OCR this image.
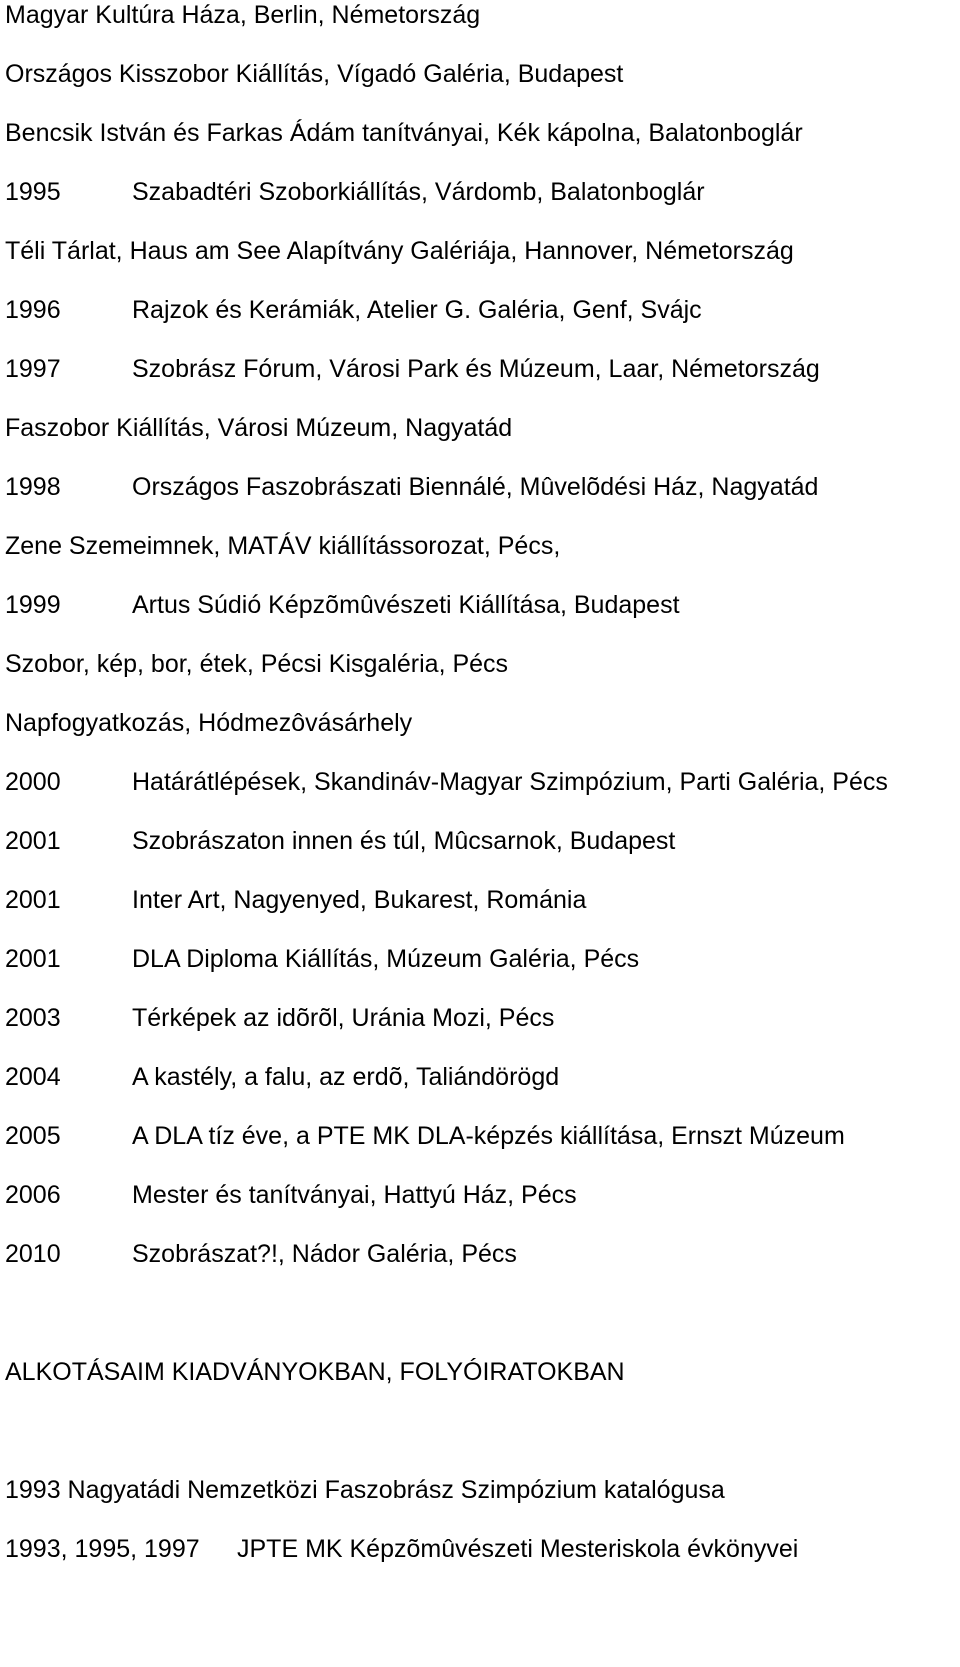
Magyar Kultúra Háza, Berlin, Németország
Országos Kisszobor Kiállítás, Vígadó Galéria, Budapest
Bencsik István és Farkas Ádám tanítványai, Kék kápolna, Balatonboglár
1995	Szabadtéri Szoborkiállítás, Várdomb, Balatonboglár
Téli Tárlat, Haus am See Alapítvány Galériája, Hannover, Németország
1996	Rajzok és Kerámiák, Atelier G. Galéria, Genf, Svájc
1997	Szobrász Fórum, Városi Park és Múzeum, Laar, Németország
Faszobor Kiállítás, Városi Múzeum, Nagyatád
1998	Országos Faszobrászati Biennálé, Mûvelõdési Ház, Nagyatád
Zene Szemeimnek, MATÁV kiállítássorozat, Pécs,
1999	Artus Súdió Képzõmûvészeti Kiállítása, Budapest
Szobor, kép, bor, étek, Pécsi Kisgaléria, Pécs
Napfogyatkozás, Hódmezôvásárhely
2000	Határátlépések, Skandináv-Magyar Szimpózium, Parti Galéria, Pécs
2001	Szobrászaton innen és túl, Mûcsarnok, Budapest
2001	Inter Art, Nagyenyed, Bukarest, Románia
2001	DLA Diploma Kiállítás, Múzeum Galéria, Pécs
2003	Térképek az idõrõl, Uránia Mozi, Pécs
2004	A kastély, a falu, az erdõ, Taliándörögd
2005	A DLA tíz éve, a PTE MK DLA-képzés kiállítása, Ernszt Múzeum
2006	Mester és tanítványai, Hattyú Ház, Pécs
2010	Szobrászat?!, Nádor Galéria, Pécs
ALKOTÁSAIM KIADVÁNYOKBAN, FOLYÓIRATOKBAN
1993 Nagyatádi Nemzetközi Faszobrász Szimpózium katalógusa
1993, 1995, 1997 JPTE MK Képzõmûvészeti Mesteriskola évkönyvei
